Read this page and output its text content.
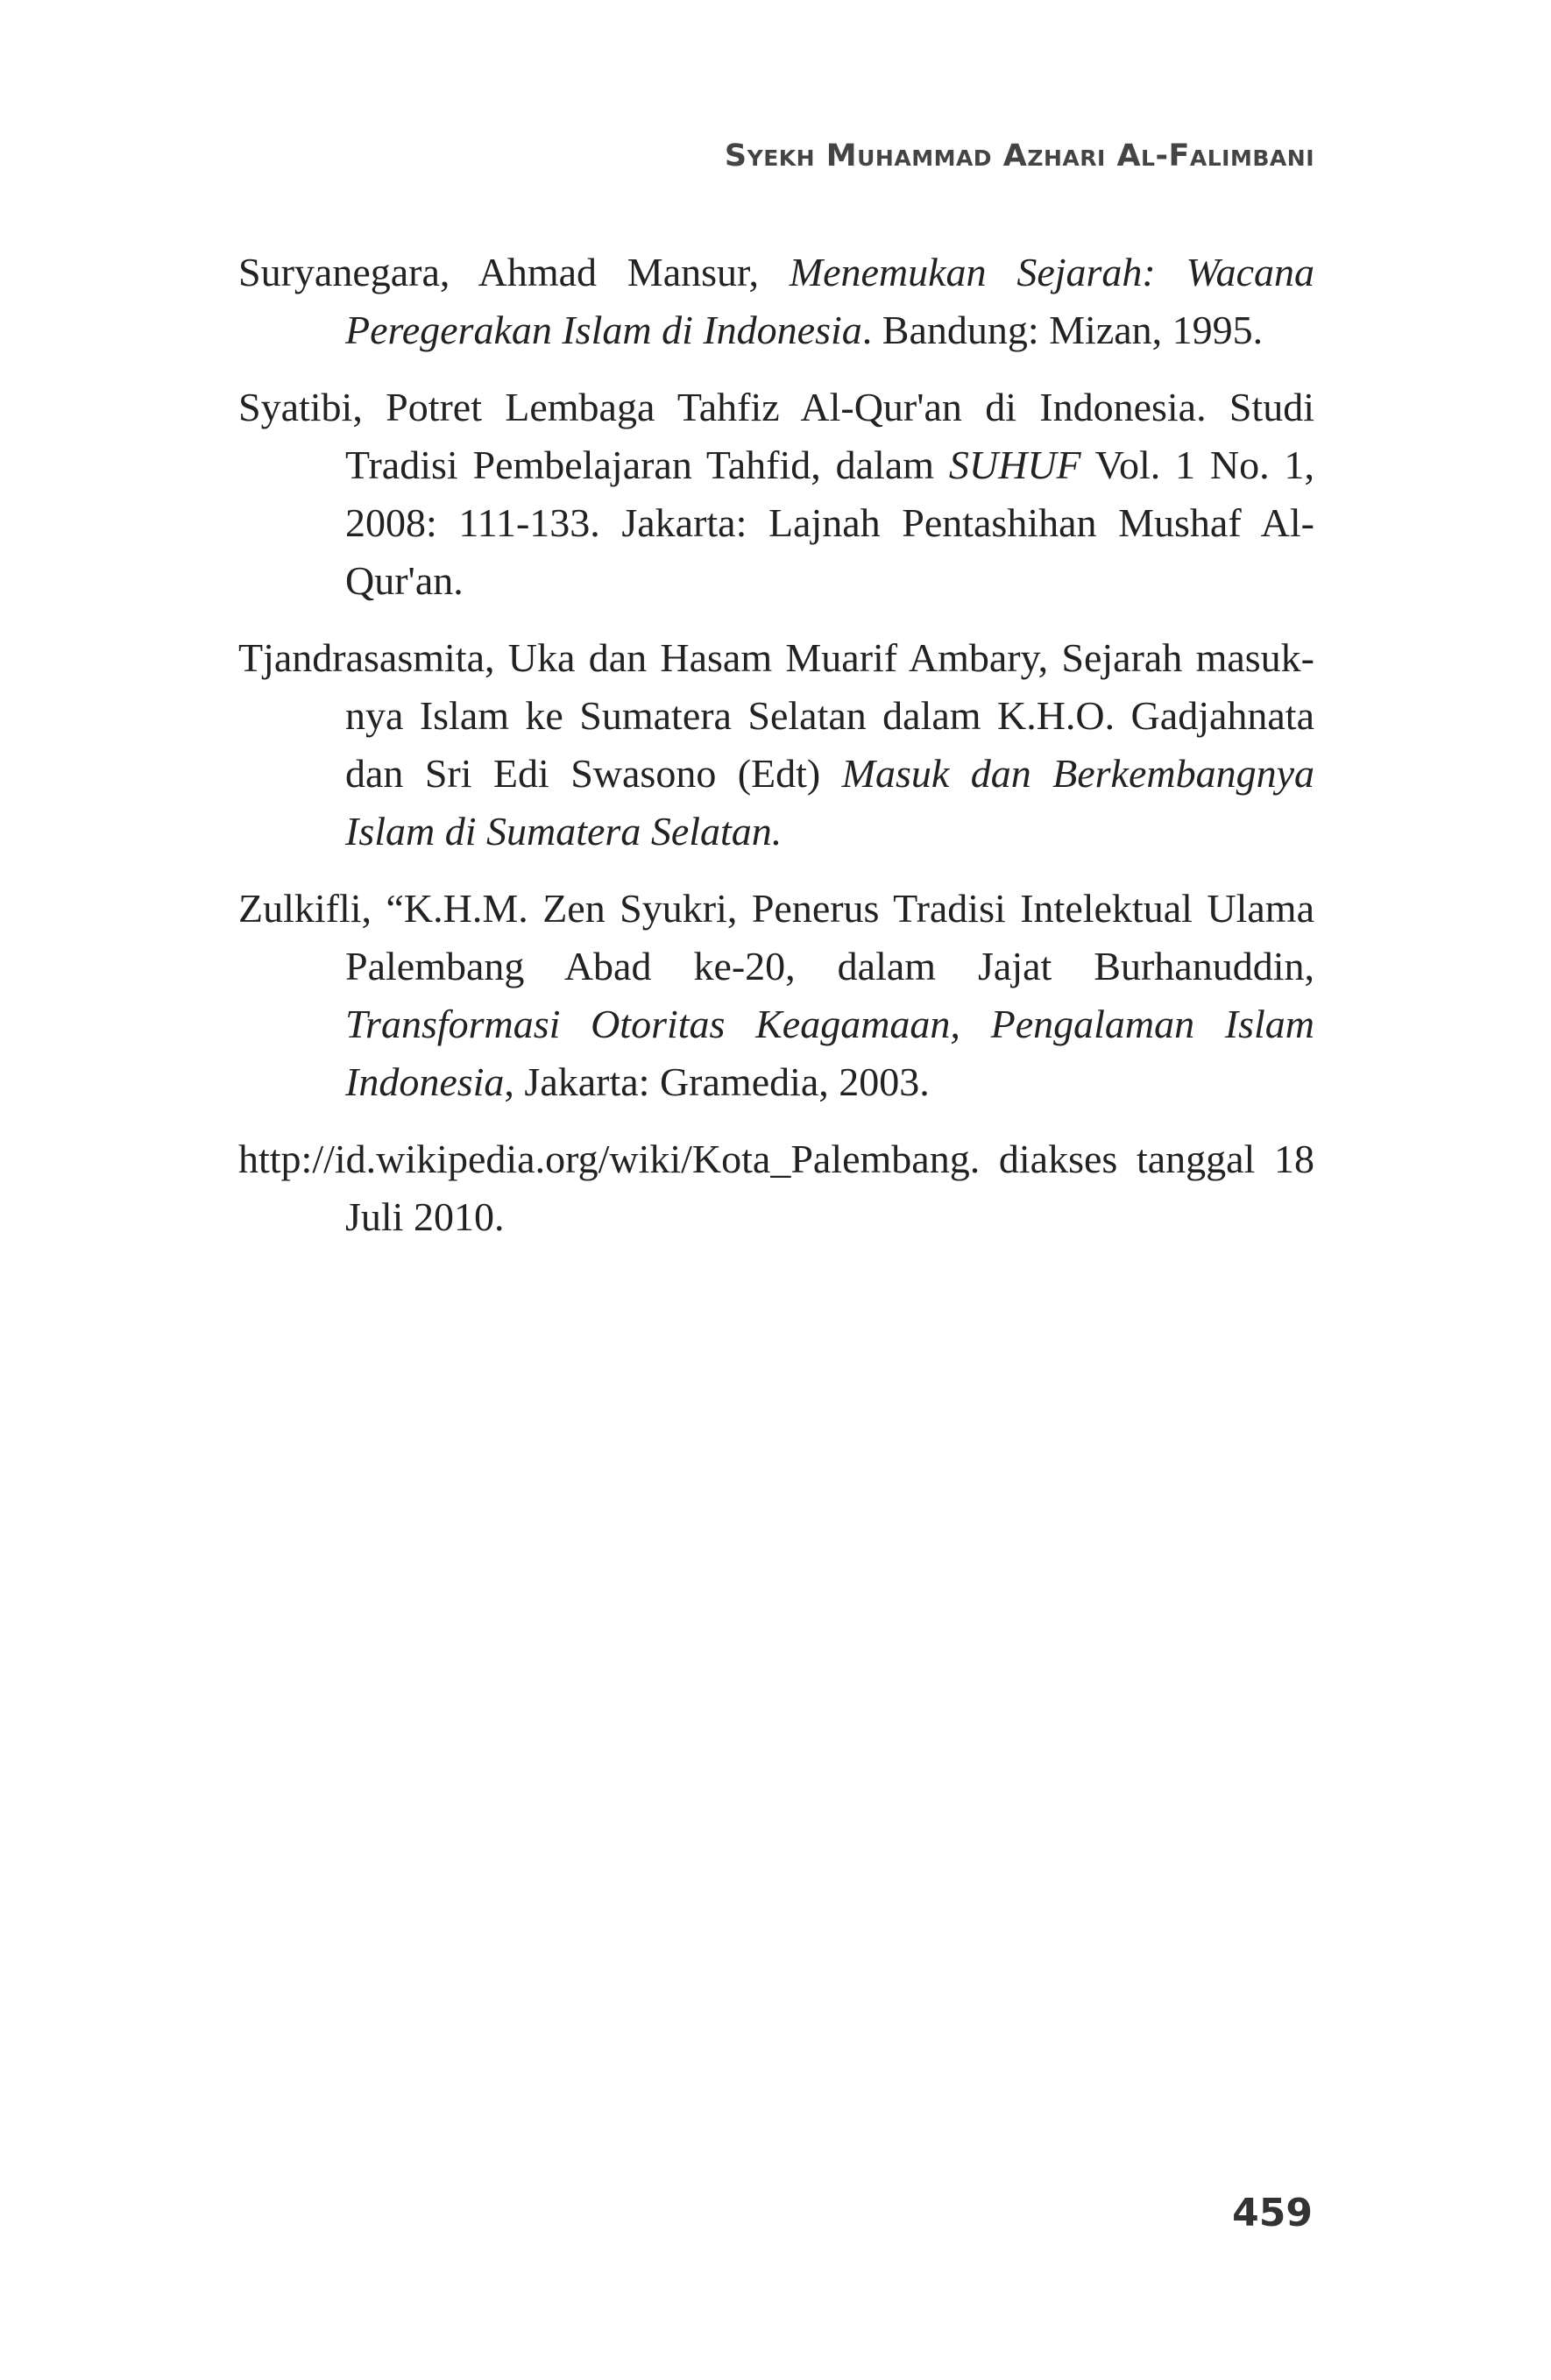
Syekh Muhammad Azhari Al-Falimbani

Suryanegara, Ahmad Mansur, Menemukan Sejarah: Wacana Peregerakan Islam di Indonesia. Bandung: Mizan, 1995.

Syatibi, Potret Lembaga Tahfiz Al-Qur'an di Indonesia. Studi Tradisi Pembelajaran Tahfid, dalam SUHUF Vol. 1 No. 1, 2008: 111-133. Jakarta: Lajnah Pentashihan Mushaf Al-Qur'an.

Tjandrasasmita, Uka dan Hasam Muarif Ambary, Sejarah masuk-nya Islam ke Sumatera Selatan dalam K.H.O. Gadjahnata dan Sri Edi Swasono (Edt) Masuk dan Berkembangnya Islam di Sumatera Selatan.

Zulkifli, “K.H.M. Zen Syukri, Penerus Tradisi Intelektual Ulama Palembang Abad ke-20, dalam Jajat Burhanuddin, Transformasi Otoritas Keagamaan, Pengalaman Islam Indonesia, Jakarta: Gramedia, 2003.

http://id.wikipedia.org/wiki/Kota_Palembang. diakses tanggal 18 Juli 2010.

459
